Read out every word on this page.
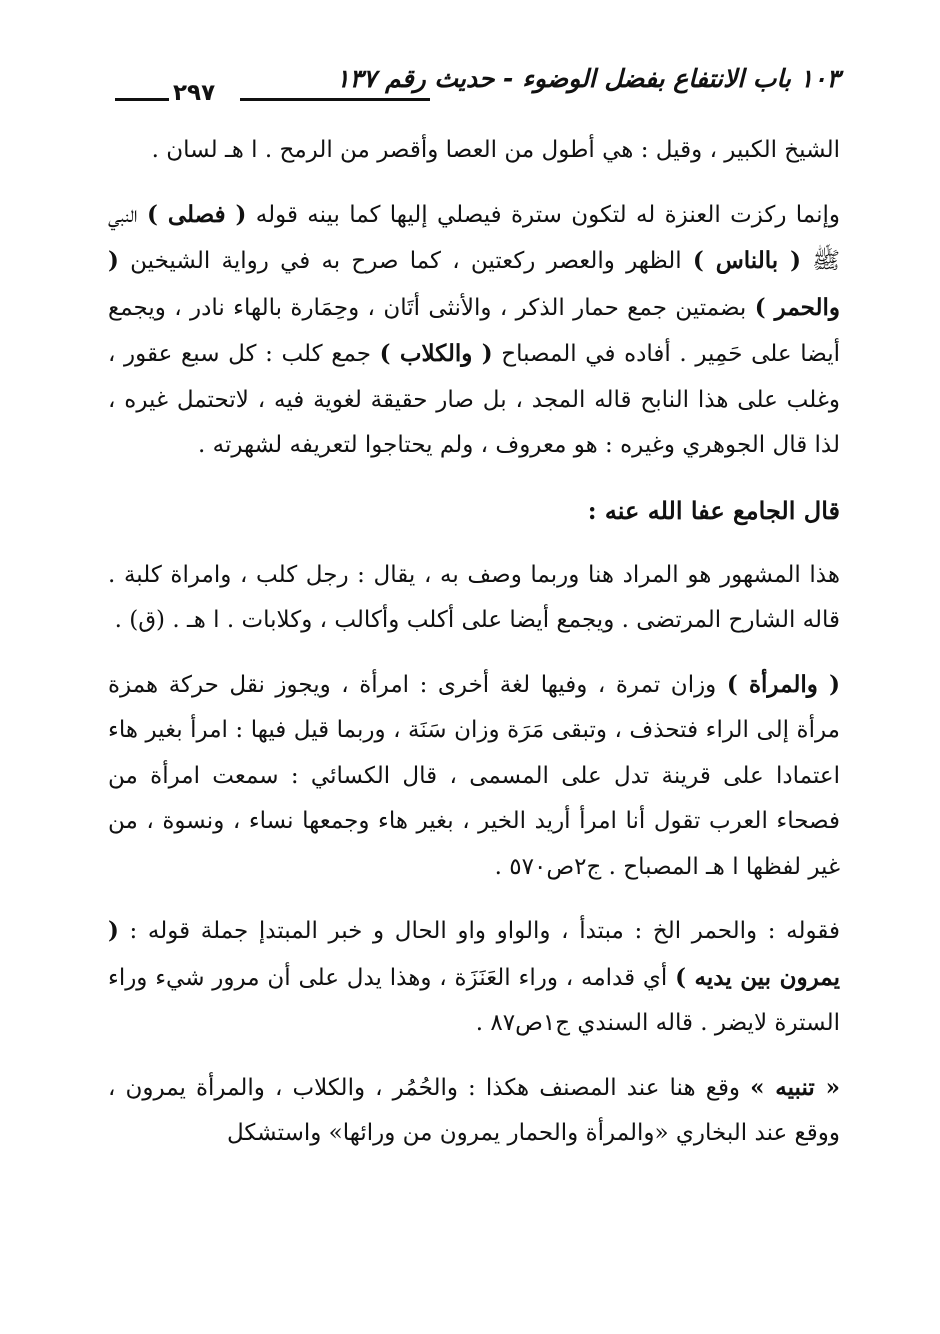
١٠٣ باب الانتفاع بفضل الوضوء - حديث رقم ١٣٧
٢٩٧

الشيخ الكبير ، وقيل : هي أطول من العصا وأقصر من الرمح . ا هـ لسان .

وإنما ركزت العنزة له لتكون سترة فيصلي إليها كما بينه قوله ( فصلى ) النبي ﷺ ( بالناس ) الظهر والعصر ركعتين ، كما صرح به في رواية الشيخين ( والحمر ) بضمتين جمع حمار الذكر ، والأنثى أتَان ، وحِمَارة بالهاء نادر ، ويجمع أيضا على حَمِير . أفاده في المصباح ( والكلاب ) جمع كلب : كل سبع عقور ، وغلب على هذا النابح قاله المجد ، بل صار حقيقة لغوية فيه ، لاتحتمل غيره ، لذا قال الجوهري وغيره : هو معروف ، ولم يحتاجوا لتعريفه لشهرته .

قال الجامع عفا الله عنه :

هذا المشهور هو المراد هنا وربما وصف به ، يقال : رجل كلب ، وامراة كلبة . قاله الشارح المرتضى . ويجمع أيضا على أكلب وأكالب ، وكلابات . ا هـ . (ق) .

( والمرأة ) وزان تمرة ، وفيها لغة أخرى : امرأة ، ويجوز نقل حركة همزة مرأة إلى الراء فتحذف ، وتبقى مَرَة وزان سَنَة ، وربما قيل فيها : امرأ بغير هاء اعتمادا على قرينة تدل على المسمى ، قال الكسائي : سمعت امرأة من فصحاء العرب تقول أنا امرأ أريد الخير ، بغير هاء وجمعها نساء ، ونسوة ، من غير لفظها ا هـ المصباح . ج٢ص٥٧٠ .

فقوله : والحمر الخ : مبتدأ ، والواو واو الحال و خبر المبتدإ جملة قوله : ( يمرون بين يديه ) أي قدامه ، وراء العَنَزَة ، وهذا يدل على أن مرور شيء وراء السترة لايضر . قاله السندي ج١ص٨٧ .

« تنبيه » وقع هنا عند المصنف هكذا : والحُمُر ، والكلاب ، والمرأة يمرون ، ووقع عند البخاري «والمرأة والحمار يمرون من ورائها» واستشكل
